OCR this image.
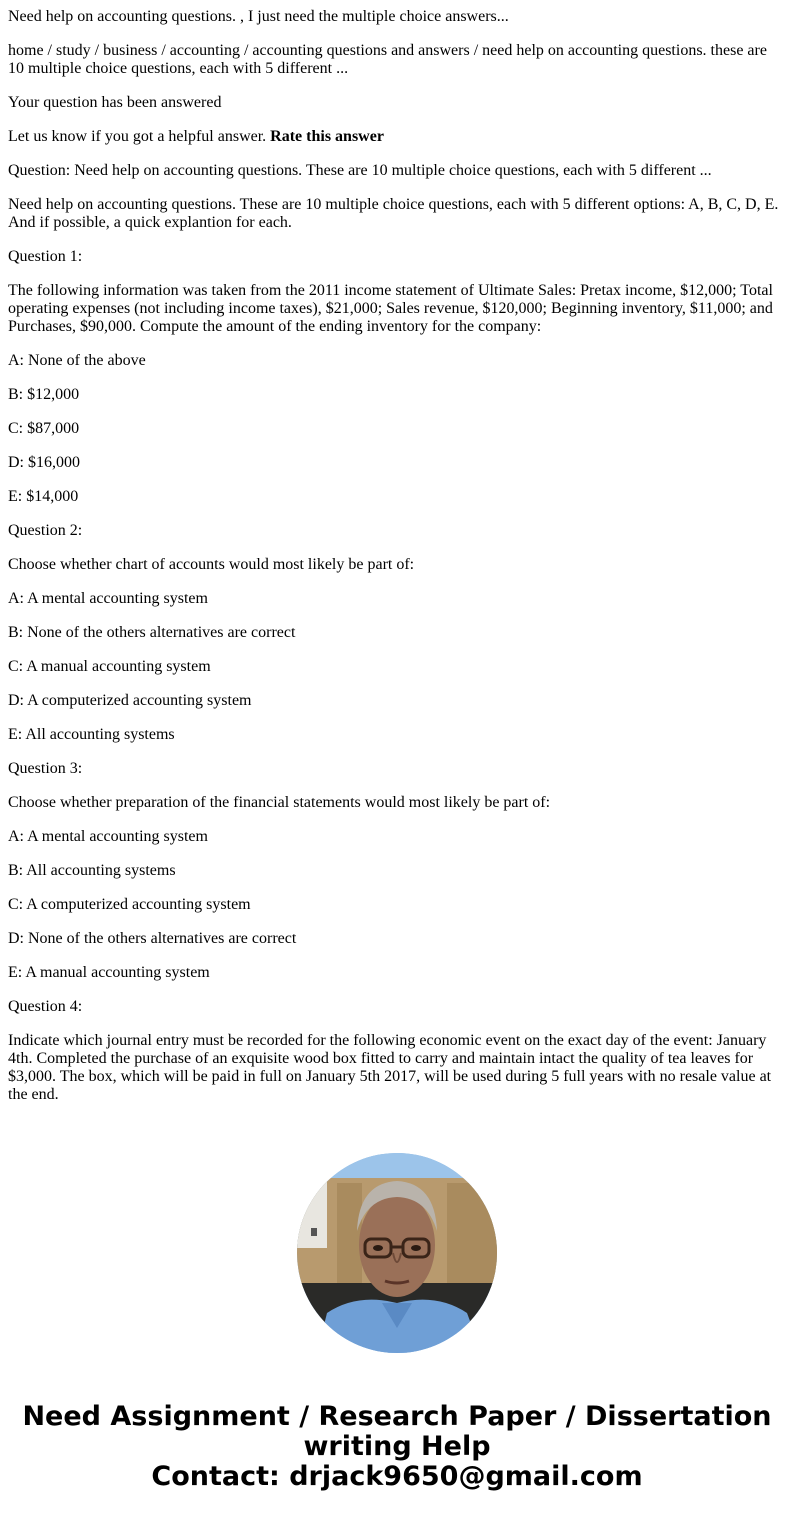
Need help on accounting questions. , I just need the multiple choice answers...

home / study / business / accounting / accounting questions and answers / need help on accounting questions. these are 10 multiple choice questions, each with 5 different ...

Your question has been answered

Let us know if you got a helpful answer. Rate this answer

Question: Need help on accounting questions. These are 10 multiple choice questions, each with 5 different ...

Need help on accounting questions. These are 10 multiple choice questions, each with 5 different options: A, B, C, D, E. And if possible, a quick explantion for each.

Question 1:

The following information was taken from the 2011 income statement of Ultimate Sales: Pretax income, $12,000; Total operating expenses (not including income taxes), $21,000; Sales revenue, $120,000; Beginning inventory, $11,000; and Purchases, $90,000. Compute the amount of the ending inventory for the company:

A: None of the above

B: $12,000

C: $87,000

D: $16,000

E: $14,000

Question 2:

Choose whether chart of accounts would most likely be part of:

A: A mental accounting system

B: None of the others alternatives are correct

C: A manual accounting system

D: A computerized accounting system

E: All accounting systems

Question 3:

Choose whether preparation of the financial statements would most likely be part of:

A: A mental accounting system

B: All accounting systems

C: A computerized accounting system

D: None of the others alternatives are correct

E: A manual accounting system

Question 4:

Indicate which journal entry must be recorded for the following economic event on the exact day of the event: January 4th. Completed the purchase of an exquisite wood box fitted to carry and maintain intact the quality of tea leaves for $3,000. The box, which will be paid in full on January 5th 2017, will be used during 5 full years with no resale value at the end.

Need Assignment / Research Paper / Dissertation
writing Help
Contact: drjack9650@gmail.com
